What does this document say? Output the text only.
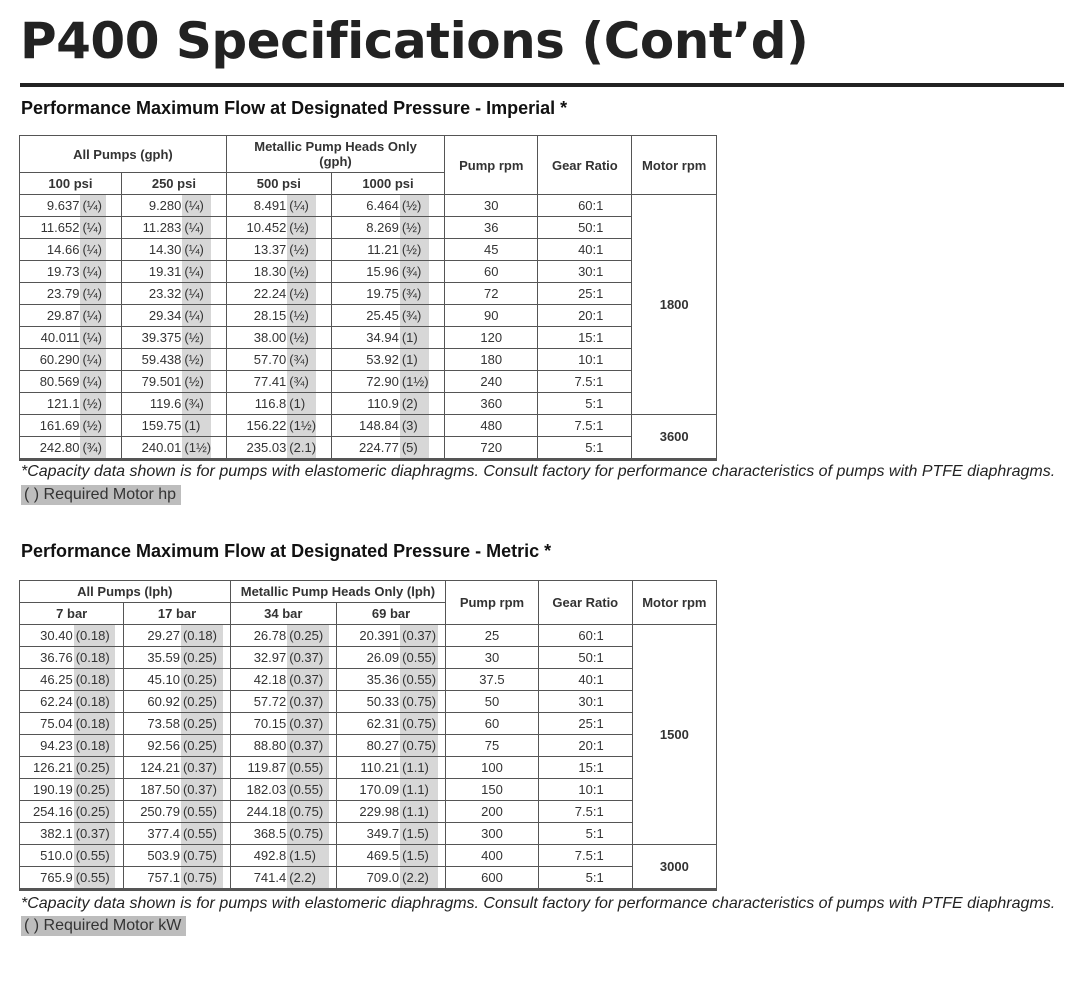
P400 Specifications (Cont’d)
Performance Maximum Flow at Designated Pressure - Imperial *
All Pumps (gph)						Metallic Pump Heads Only (gph)						Pump rpm	Gear Ratio	Motor rpm
100 psi			250 psi			500 psi			1000 psi					
9.637	(¼)		9.280	(¼)		8.491	(¼)		6.464	(½)		30	60:1	1800
11.652	(¼)		11.283	(¼)		10.452	(½)		8.269	(½)		36	50:1	
14.66	(¼)		14.30	(¼)		13.37	(½)		11.21	(½)		45	40:1	
19.73	(¼)		19.31	(¼)		18.30	(½)		15.96	(¾)		60	30:1	
23.79	(¼)		23.32	(¼)		22.24	(½)		19.75	(¾)		72	25:1	
29.87	(¼)		29.34	(¼)		28.15	(½)		25.45	(¾)		90	20:1	
40.011	(¼)		39.375	(½)		38.00	(½)		34.94	(1)		120	15:1	
60.290	(¼)		59.438	(½)		57.70	(¾)		53.92	(1)		180	10:1	
80.569	(¼)		79.501	(½)		77.41	(¾)		72.90	(1½)		240	7.5:1	
121.1	(½)		119.6	(¾)		116.8	(1)		110.9	(2)		360	5:1	
161.69	(½)		159.75	(1)		156.22	(1½)		148.84	(3)		480	7.5:1	3600
242.80	(¾)		240.01	(1½)		235.03	(2.1)		224.77	(5)		720	5:1	

*Capacity data shown is for pumps with elastomeric diaphragms. Consult factory for performance characteristics of pumps with PTFE diaphragms.

( ) Required Motor hp
Performance Maximum Flow at Designated Pressure - Metric *
All Pumps (lph)						Metallic Pump Heads Only (lph)						Pump rpm	Gear Ratio	Motor rpm
7 bar			17 bar			34 bar			69 bar					
30.40	(0.18)		29.27	(0.18)		26.78	(0.25)		20.391	(0.37)		25	60:1	1500
36.76	(0.18)		35.59	(0.25)		32.97	(0.37)		26.09	(0.55)		30	50:1	
46.25	(0.18)		45.10	(0.25)		42.18	(0.37)		35.36	(0.55)		37.5	40:1	
62.24	(0.18)		60.92	(0.25)		57.72	(0.37)		50.33	(0.75)		50	30:1	
75.04	(0.18)		73.58	(0.25)		70.15	(0.37)		62.31	(0.75)		60	25:1	
94.23	(0.18)		92.56	(0.25)		88.80	(0.37)		80.27	(0.75)		75	20:1	
126.21	(0.25)		124.21	(0.37)		119.87	(0.55)		110.21	(1.1)		100	15:1	
190.19	(0.25)		187.50	(0.37)		182.03	(0.55)		170.09	(1.1)		150	10:1	
254.16	(0.25)		250.79	(0.55)		244.18	(0.75)		229.98	(1.1)		200	7.5:1	
382.1	(0.37)		377.4	(0.55)		368.5	(0.75)		349.7	(1.5)		300	5:1	
510.0	(0.55)		503.9	(0.75)		492.8	(1.5)		469.5	(1.5)		400	7.5:1	3000
765.9	(0.55)		757.1	(0.75)		741.4	(2.2)		709.0	(2.2)		600	5:1	

*Capacity data shown is for pumps with elastomeric diaphragms. Consult factory for performance characteristics of pumps with PTFE diaphragms.

( ) Required Motor kW
